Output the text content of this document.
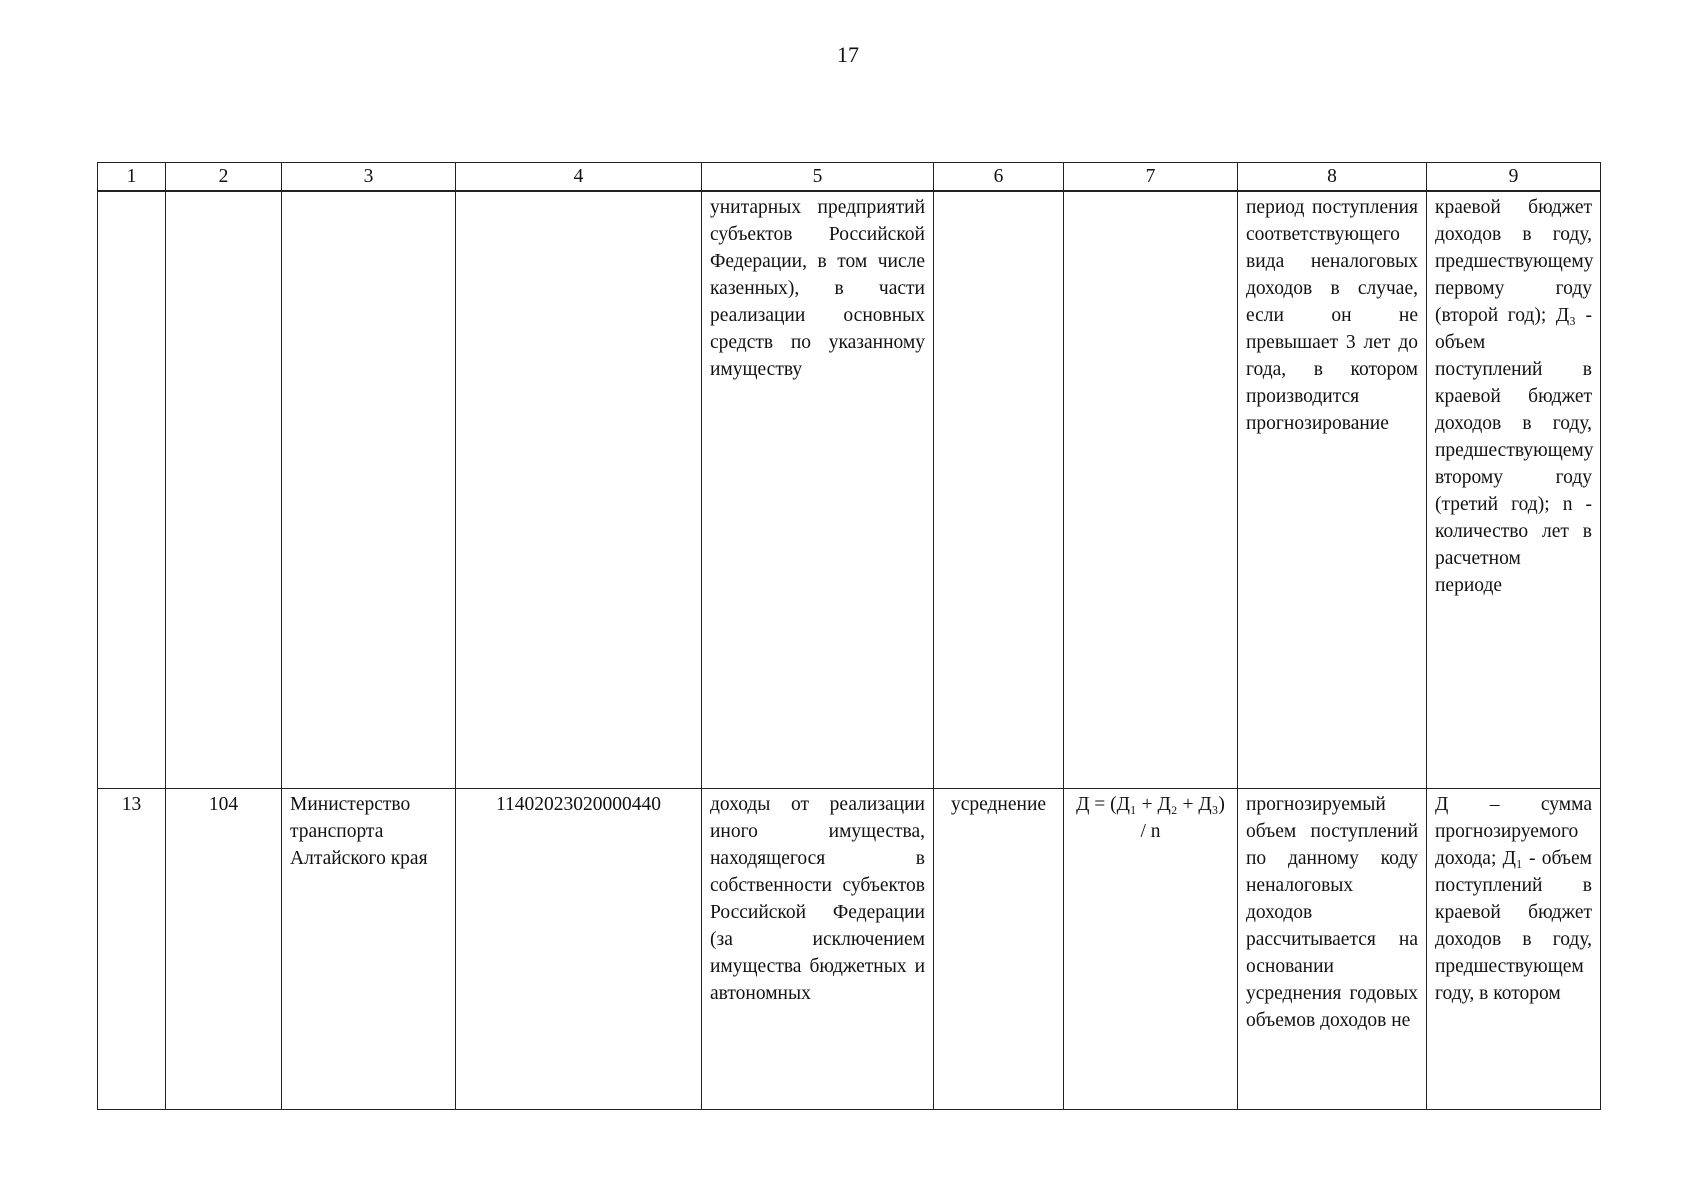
17
1	2	3	4	5	6	7	8	9
				унитарных предприятий субъектов Российской Федерации, в том числе казенных), в части реализации основных средств по указанному имуществу			период поступления соответствующего вида неналоговых доходов в случае, если он не превышает 3 лет до года, в котором производится прогнозирование	краевой бюджет доходов в году, предшествующему первому году (второй год); Д₃ - объем поступлений в краевой бюджет доходов в году, предшествующему второму году (третий год); n - количество лет в расчетном периоде
13	104	Министерство транспорта Алтайского края	11402023020000440	доходы от реализации иного имущества, находящегося в собственности субъектов Российской Федерации (за исключением имущества бюджетных и автономных	усреднение	Д = (Д₁ + Д₂ + Д₃) / n	прогнозируемый объем поступлений по данному коду неналоговых доходов рассчитывается на основании усреднения годовых объемов доходов не	Д – сумма прогнозируемого дохода; Д₁ - объем поступлений в краевой бюджет доходов в году, предшествующем году, в котором
